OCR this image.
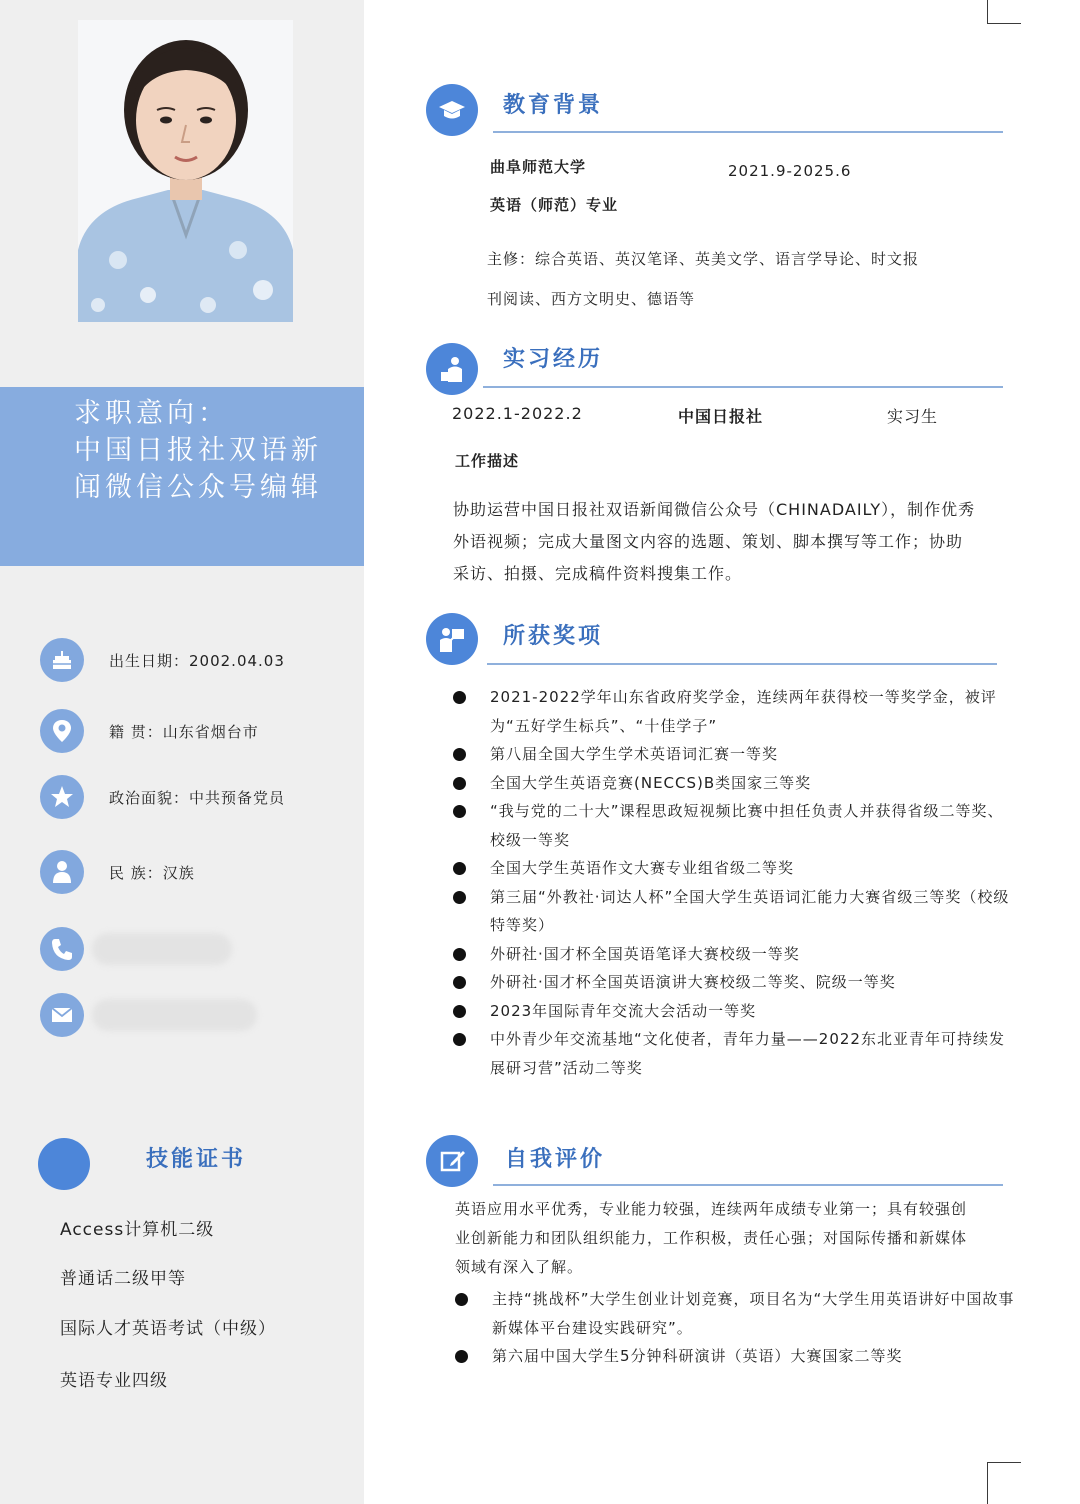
求职意向：
中国日报社双语新
闻微信公众号编辑
出生日期：2002.04.03
籍 贯：山东省烟台市
政治面貌：中共预备党员
民 族：汉族
技能证书
Access计算机二级
普通话二级甲等
国际人才英语考试（中级）
英语专业四级
教育背景
曲阜师范大学	2021.9-2025.6
英语（师范）专业
主修：综合英语、英汉笔译、英美文学、语言学导论、时文报
刊阅读、西方文明史、德语等
实习经历
2022.1-2022.2	中国日报社	实习生
工作描述
协助运营中国日报社双语新闻微信公众号（CHINADAILY），制作优秀
外语视频；完成大量图文内容的选题、策划、脚本撰写等工作；协助
采访、拍摄、完成稿件资料搜集工作。
所获奖项
2021-2022学年山东省政府奖学金，连续两年获得校一等奖学金，被评为“五好学生标兵”、“十佳学子”
第八届全国大学生学术英语词汇赛一等奖
全国大学生英语竞赛(NECCS)B类国家三等奖
“我与党的二十大”课程思政短视频比赛中担任负责人并获得省级二等奖、校级一等奖
全国大学生英语作文大赛专业组省级二等奖
第三届“外教社·词达人杯”全国大学生英语词汇能力大赛省级三等奖（校级特等奖）
外研社·国才杯全国英语笔译大赛校级一等奖
外研社·国才杯全国英语演讲大赛校级二等奖、院级一等奖
2023年国际青年交流大会活动一等奖
中外青少年交流基地“文化使者，青年力量——2022东北亚青年可持续发展研习营”活动二等奖
自我评价
英语应用水平优秀，专业能力较强，连续两年成绩专业第一；具有较强创
业创新能力和团队组织能力，工作积极，责任心强；对国际传播和新媒体
领域有深入了解。
主持“挑战杯”大学生创业计划竞赛，项目名为“大学生用英语讲好中国故事新媒体平台建设实践研究”。
第六届中国大学生5分钟科研演讲（英语）大赛国家二等奖
